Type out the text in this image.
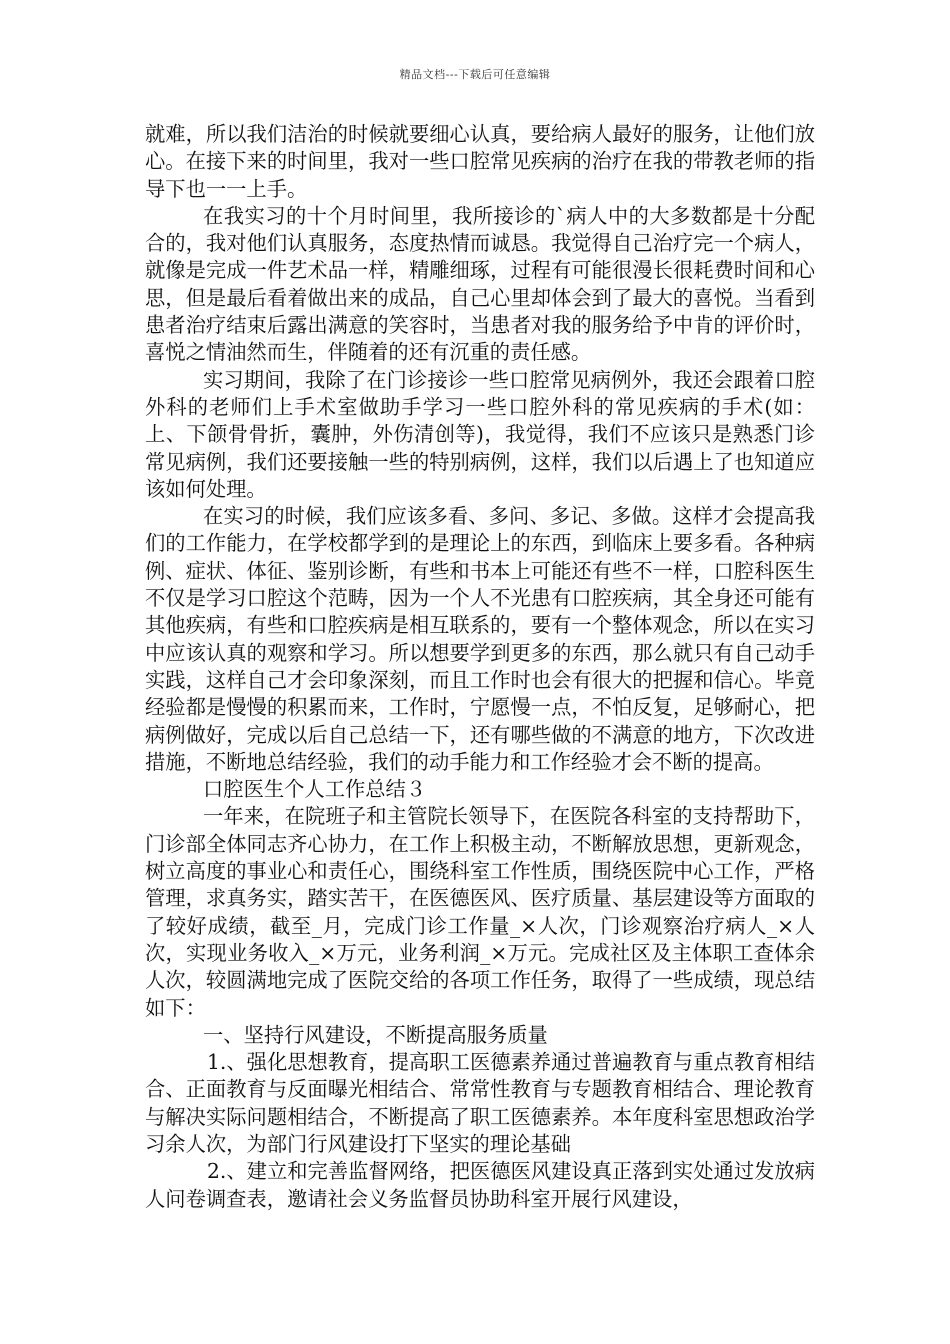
精品文档---下载后可任意编辑

就难，所以我们洁治的时候就要细心认真，要给病人最好的服务，让他们放心。在接下来的时间里，我对一些口腔常见疾病的治疗在我的带教老师的指导下也一一上手。

在我实习的十个月时间里，我所接诊的`病人中的大多数都是十分配合的，我对他们认真服务，态度热情而诚恳。我觉得自己治疗完一个病人，就像是完成一件艺术品一样，精雕细琢，过程有可能很漫长很耗费时间和心思，但是最后看着做出来的成品，自己心里却体会到了最大的喜悦。当看到患者治疗结束后露出满意的笑容时，当患者对我的服务给予中肯的评价时，喜悦之情油然而生，伴随着的还有沉重的责任感。

实习期间，我除了在门诊接诊一些口腔常见病例外，我还会跟着口腔外科的老师们上手术室做助手学习一些口腔外科的常见疾病的手术(如：上、下颌骨骨折，囊肿，外伤清创等)，我觉得，我们不应该只是熟悉门诊常见病例，我们还要接触一些的特别病例，这样，我们以后遇上了也知道应该如何处理。

在实习的时候，我们应该多看、多问、多记、多做。这样才会提高我们的工作能力，在学校都学到的是理论上的东西，到临床上要多看。各种病例、症状、体征、鉴别诊断，有些和书本上可能还有些不一样，口腔科医生不仅是学习口腔这个范畴，因为一个人不光患有口腔疾病，其全身还可能有其他疾病，有些和口腔疾病是相互联系的，要有一个整体观念，所以在实习中应该认真的观察和学习。所以想要学到更多的东西，那么就只有自己动手实践，这样自己才会印象深刻，而且工作时也会有很大的把握和信心。毕竟经验都是慢慢的积累而来，工作时，宁愿慢一点，不怕反复，足够耐心，把病例做好，完成以后自己总结一下，还有哪些做的不满意的地方，下次改进措施，不断地总结经验，我们的动手能力和工作经验才会不断的提高。

口腔医生个人工作总结３

一年来，在院班子和主管院长领导下，在医院各科室的支持帮助下，门诊部全体同志齐心协力，在工作上积极主动，不断解放思想，更新观念，树立高度的事业心和责任心，围绕科室工作性质，围绕医院中心工作，严格管理，求真务实，踏实苦干，在医德医风、医疗质量、基层建设等方面取的了较好成绩，截至_月，完成门诊工作量_×人次，门诊观察治疗病人_×人次，实现业务收入_×万元，业务利润_×万元。完成社区及主体职工查体余人次，较圆满地完成了医院交给的各项工作任务，取得了一些成绩，现总结如下：

一、坚持行风建设，不断提高服务质量

1.、强化思想教育，提高职工医德素养通过普遍教育与重点教育相结合、正面教育与反面曝光相结合、常常性教育与专题教育相结合、理论教育与解决实际问题相结合，不断提高了职工医德素养。本年度科室思想政治学习余人次，为部门行风建设打下坚实的理论基础

2.、建立和完善监督网络，把医德医风建设真正落到实处通过发放病人问卷调查表，邀请社会义务监督员协助科室开展行风建设，
